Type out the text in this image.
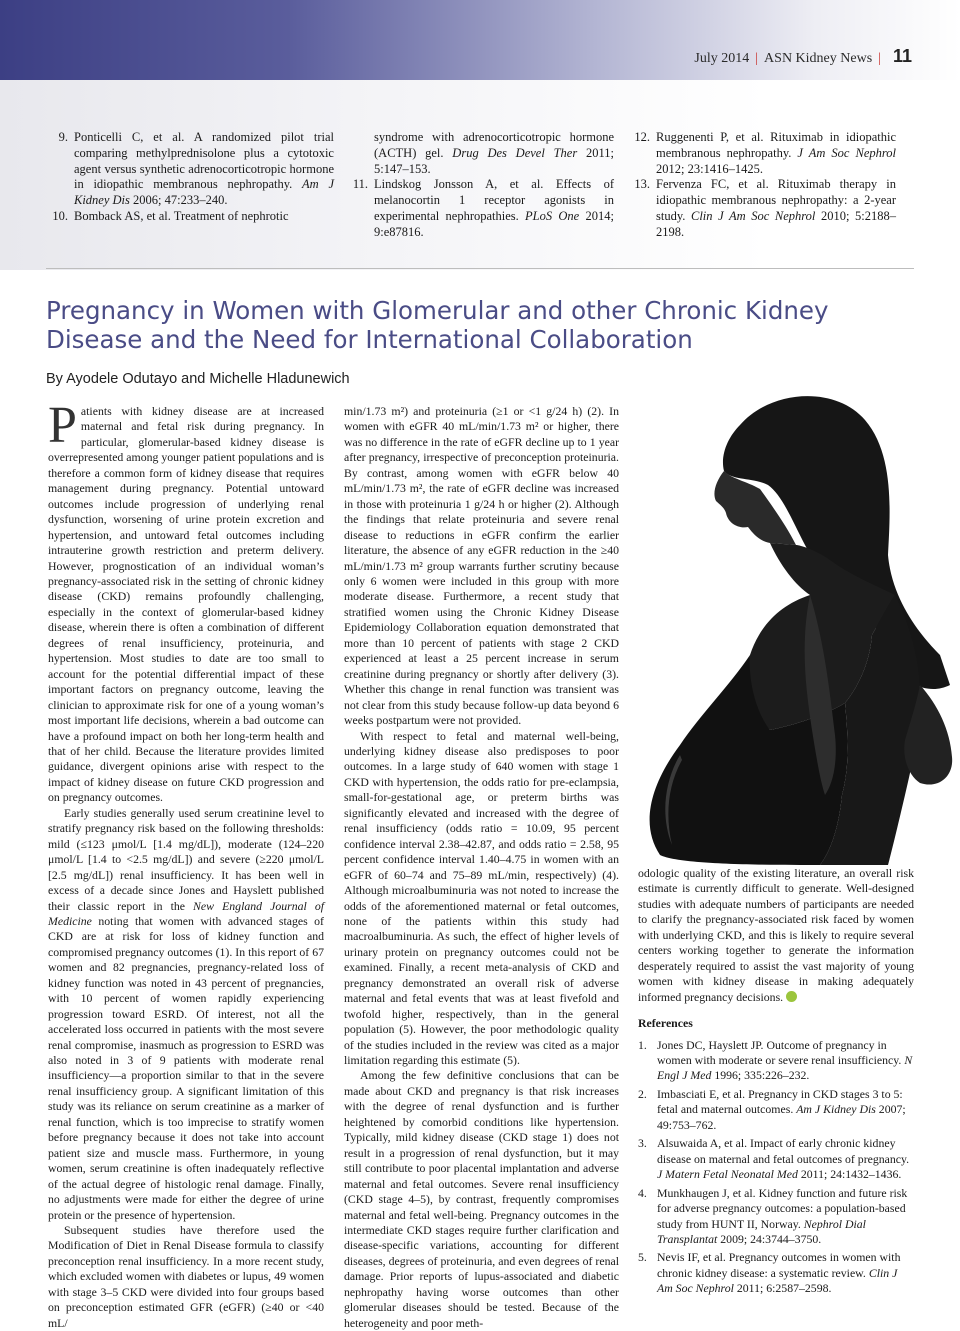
July 2014 | ASN Kidney News | 11
9. Ponticelli C, et al. A randomized pilot trial comparing methylprednisolone plus a cytotoxic agent versus synthetic adrenocorticotropic hormone in idiopathic membranous nephropathy. Am J Kidney Dis 2006; 47:233–240.
10. Bomback AS, et al. Treatment of nephrotic
syndrome with adrenocorticotropic hormone (ACTH) gel. Drug Des Devel Ther 2011; 5:147–153.
11. Lindskog Jonsson A, et al. Effects of melanocortin 1 receptor agonists in experimental nephropathies. PLoS One 2014; 9:e87816.
12. Ruggenenti P, et al. Rituximab in idiopathic membranous nephropathy. J Am Soc Nephrol 2012; 23:1416–1425.
13. Fervenza FC, et al. Rituximab therapy in idiopathic membranous nephropathy: a 2-year study. Clin J Am Soc Nephrol 2010; 5:2188–2198.
Pregnancy in Women with Glomerular and other Chronic Kidney Disease and the Need for International Collaboration
By Ayodele Odutayo and Michelle Hladunewich

Patients with kidney disease are at increased maternal and fetal risk during pregnancy. In particular, glomerular-based kidney disease is overrepresented among younger patient populations and is therefore a common form of kidney disease that requires management during pregnancy. Potential untoward outcomes include progression of underlying renal dysfunction, worsening of urine protein excretion and hypertension, and untoward fetal outcomes including intrauterine growth restriction and preterm delivery. However, prognostication of an individual woman’s pregnancy-associated risk in the setting of chronic kidney disease (CKD) remains profoundly challenging, especially in the context of glomerular-based kidney disease, wherein there is often a combination of different degrees of renal insufficiency, proteinuria, and hypertension. Most studies to date are too small to account for the potential differential impact of these important factors on pregnancy outcome, leaving the clinician to approximate risk for one of a young woman’s most important life decisions, wherein a bad outcome can have a profound impact on both her long-term health and that of her child. Because the literature provides limited guidance, divergent opinions arise with respect to the impact of kidney disease on future CKD progression and on pregnancy outcomes.

Early studies generally used serum creatinine level to stratify pregnancy risk based on the following thresholds: mild (≤123 μmol/L [1.4 mg/dL]), moderate (124–220 μmol/L [1.4 to <2.5 mg/dL]) and severe (≥220 μmol/L [2.5 mg/dL]) renal insufficiency. It has been well in excess of a decade since Jones and Hayslett published their classic report in the New England Journal of Medicine noting that women with advanced stages of CKD are at risk for loss of kidney function and compromised pregnancy outcomes (1). In this report of 67 women and 82 pregnancies, pregnancy-related loss of kidney function was noted in 43 percent of pregnancies, with 10 percent of women rapidly experiencing progression toward ESRD. Of interest, not all the accelerated loss occurred in patients with the most severe renal compromise, inasmuch as progression to ESRD was also noted in 3 of 9 patients with moderate renal insufficiency—a proportion similar to that in the severe renal insufficiency group. A significant limitation of this study was its reliance on serum creatinine as a marker of renal function, which is too imprecise to stratify women before pregnancy because it does not take into account patient size and muscle mass. Furthermore, in young women, serum creatinine is often inadequately reflective of the actual degree of histologic renal damage. Finally, no adjustments were made for either the degree of urine protein or the presence of hypertension.

Subsequent studies have therefore used the Modification of Diet in Renal Disease formula to classify preconception renal insufficiency. In a more recent study, which excluded women with diabetes or lupus, 49 women with stage 3–5 CKD were divided into four groups based on preconception estimated GFR (eGFR) (≥40 or <40 mL/

min/1.73 m²) and proteinuria (≥1 or <1 g/24 h) (2). In women with eGFR 40 mL/min/1.73 m² or higher, there was no difference in the rate of eGFR decline up to 1 year after pregnancy, irrespective of preconception proteinuria. By contrast, among women with eGFR below 40 mL/min/1.73 m², the rate of eGFR decline was increased in those with proteinuria 1 g/24 h or higher (2). Although the findings that relate proteinuria and severe renal disease to reductions in eGFR confirm the earlier literature, the absence of any eGFR reduction in the ≥40 mL/min/1.73 m² group warrants further scrutiny because only 6 women were included in this group with more moderate disease. Furthermore, a recent study that stratified women using the Chronic Kidney Disease Epidemiology Collaboration equation demonstrated that more than 10 percent of patients with stage 2 CKD experienced at least a 25 percent increase in serum creatinine during pregnancy or shortly after delivery (3). Whether this change in renal function was transient was not clear from this study because follow-up data beyond 6 weeks postpartum were not provided.

With respect to fetal and maternal well-being, underlying kidney disease also predisposes to poor outcomes. In a large study of 640 women with stage 1 CKD with hypertension, the odds ratio for pre-eclampsia, small-for-gestational age, or preterm births was significantly elevated and increased with the degree of renal insufficiency (odds ratio = 10.09, 95 percent confidence interval 2.38–42.87, and odds ratio = 2.58, 95 percent confidence interval 1.40–4.75 in women with an eGFR of 60–74 and 75–89 mL/min, respectively) (4). Although microalbuminuria was not noted to increase the odds of the aforementioned maternal or fetal outcomes, none of the patients within this study had macroalbuminuria. As such, the effect of higher levels of urinary protein on pregnancy outcomes could not be examined. Finally, a recent meta-analysis of CKD and pregnancy demonstrated an overall risk of adverse maternal and fetal events that was at least fivefold and twofold higher, respectively, than in the general population (5). However, the poor methodologic quality of the studies included in the review was cited as a major limitation regarding this estimate (5).

Among the few definitive conclusions that can be made about CKD and pregnancy is that risk increases with the degree of renal dysfunction and is further heightened by comorbid conditions like hypertension. Typically, mild kidney disease (CKD stage 1) does not result in a progression of renal dysfunction, but it may still contribute to poor placental implantation and adverse maternal and fetal outcomes. Severe renal insufficiency (CKD stage 4–5), by contrast, frequently compromises maternal and fetal well-being. Pregnancy outcomes in the intermediate CKD stages require further clarification and disease-specific variations, accounting for different diseases, degrees of proteinuria, and even degrees of renal damage. Prior reports of lupus-associated and diabetic nephropathy having worse outcomes than other glomerular diseases should be tested. Because of the heterogeneity and poor meth-

odologic quality of the existing literature, an overall risk estimate is currently difficult to generate. Well-designed studies with adequate numbers of participants are needed to clarify the pregnancy-associated risk faced by women with underlying CKD, and this is likely to require several centers working together to generate the information desperately required to assist the vast majority of young women with kidney disease in making adequately informed pregnancy decisions.

References

1. Jones DC, Hayslett JP. Outcome of pregnancy in women with moderate or severe renal insufficiency. N Engl J Med 1996; 335:226–232.
2. Imbasciati E, et al. Pregnancy in CKD stages 3 to 5: fetal and maternal outcomes. Am J Kidney Dis 2007; 49:753–762.
3. Alsuwaida A, et al. Impact of early chronic kidney disease on maternal and fetal outcomes of pregnancy. J Matern Fetal Neonatal Med 2011; 24:1432–1436.
4. Munkhaugen J, et al. Kidney function and future risk for adverse pregnancy outcomes: a population-based study from HUNT II, Norway. Nephrol Dial Transplantat 2009; 24:3744–3750.
5. Nevis IF, et al. Pregnancy outcomes in women with chronic kidney disease: a systematic review. Clin J Am Soc Nephrol 2011; 6:2587–2598.
